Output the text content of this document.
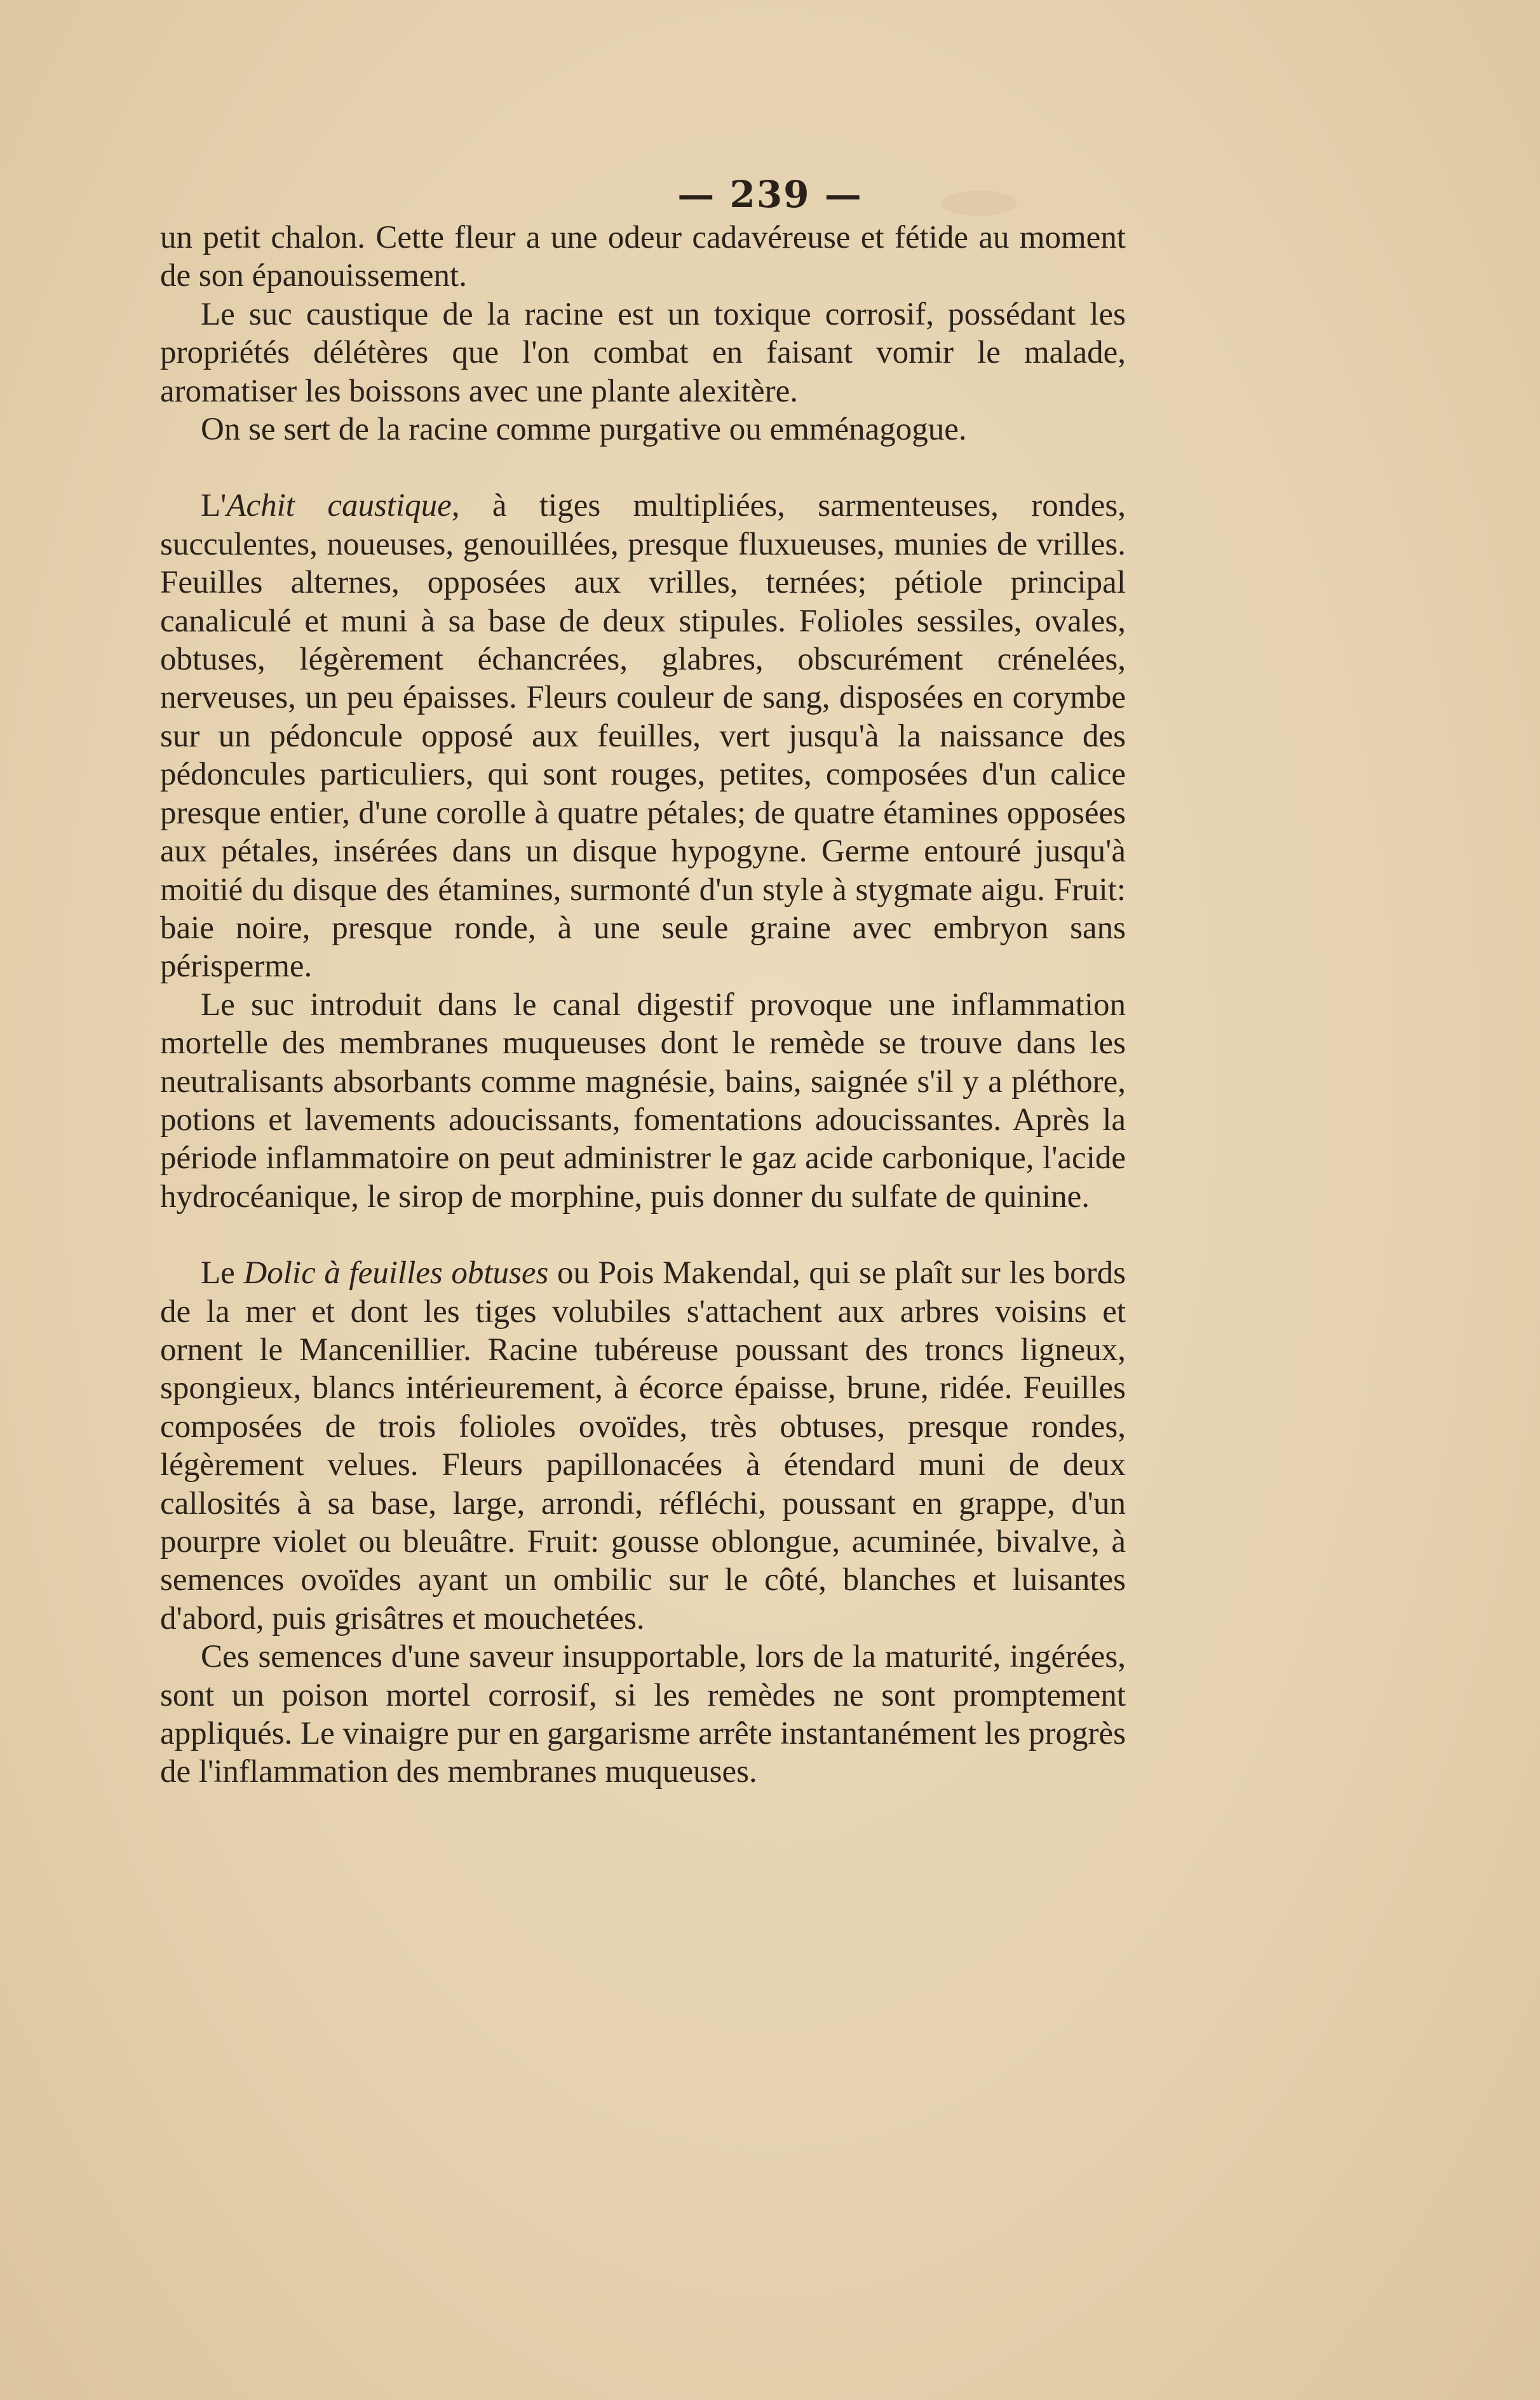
— 239 —

un petit chalon. Cette fleur a une odeur cadavéreuse et fétide au moment de son épanouissement.

Le suc caustique de la racine est un toxique corrosif, possédant les propriétés délétères que l'on combat en faisant vomir le malade, aromatiser les boissons avec une plante alexitère.

On se sert de la racine comme purgative ou emménagogue.

L'Achit caustique, à tiges multipliées, sarmenteuses, rondes, succulentes, noueuses, genouillées, presque fluxueuses, munies de vrilles. Feuilles alternes, opposées aux vrilles, ternées; pétiole principal canaliculé et muni à sa base de deux stipules. Folioles sessiles, ovales, obtuses, légèrement échancrées, glabres, obscurément crénelées, nerveuses, un peu épaisses. Fleurs couleur de sang, disposées en corymbe sur un pédoncule opposé aux feuilles, vert jusqu'à la naissance des pédoncules particuliers, qui sont rouges, petites, composées d'un calice presque entier, d'une corolle à quatre pétales; de quatre étamines opposées aux pétales, insérées dans un disque hypogyne. Germe entouré jusqu'à moitié du disque des étamines, surmonté d'un style à stygmate aigu. Fruit: baie noire, presque ronde, à une seule graine avec embryon sans périsperme.

Le suc introduit dans le canal digestif provoque une inflammation mortelle des membranes muqueuses dont le remède se trouve dans les neutralisants absorbants comme magnésie, bains, saignée s'il y a pléthore, potions et lavements adoucissants, fomentations adoucissantes. Après la période inflammatoire on peut administrer le gaz acide carbonique, l'acide hydrocéanique, le sirop de morphine, puis donner du sulfate de quinine.

Le Dolic à feuilles obtuses ou Pois Makendal, qui se plaît sur les bords de la mer et dont les tiges volubiles s'attachent aux arbres voisins et ornent le Mancenillier. Racine tubéreuse poussant des troncs ligneux, spongieux, blancs intérieurement, à écorce épaisse, brune, ridée. Feuilles composées de trois folioles ovoïdes, très obtuses, presque rondes, légèrement velues. Fleurs papillonacées à étendard muni de deux callosités à sa base, large, arrondi, réfléchi, poussant en grappe, d'un pourpre violet ou bleuâtre. Fruit: gousse oblongue, acuminée, bivalve, à semences ovoïdes ayant un ombilic sur le côté, blanches et luisantes d'abord, puis grisâtres et mouchetées.

Ces semences d'une saveur insupportable, lors de la maturité, ingérées, sont un poison mortel corrosif, si les remèdes ne sont promptement appliqués. Le vinaigre pur en gargarisme arrête instantanément les progrès de l'inflammation des membranes muqueuses.
